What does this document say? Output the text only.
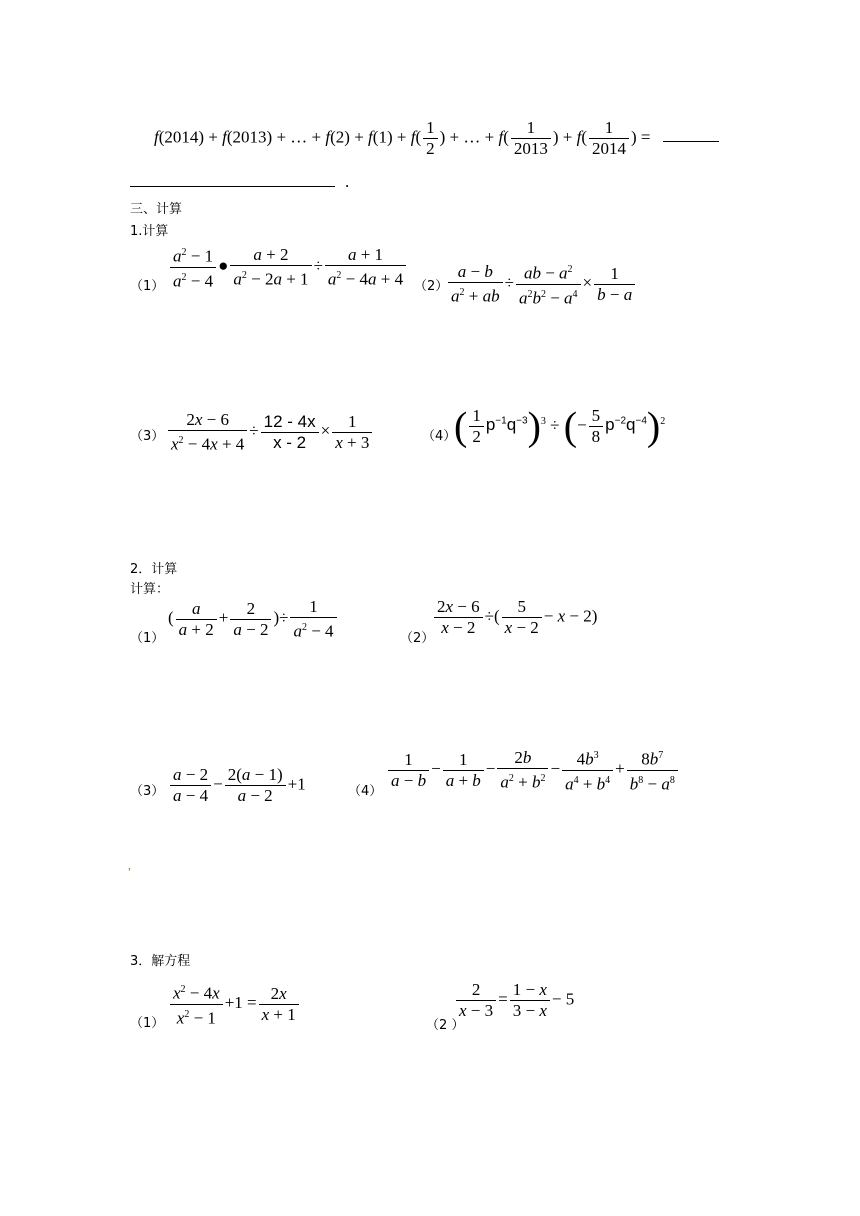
f(2014) + f(2013) + … + $f(2) + f(1) + f( \frac{1}{2}$ ) + … + $f( \frac{1}{2013}$ ) + $f( \frac{1}{2014}$ ) =
.
三、计算
1.计算
$(1) \frac{a^2 - 1}{a^2 - 4}$ ● $\frac{a + 2}{a^2 - 2a + 1} \div \frac{a + 1}{a^2 - 4a + 4} (2) \frac{a - b}{a^2 + ab} \div \frac{ab - a^2}{a^2b^2 - a^4} \times \frac{1}{b - a}$
$(3) \frac{2x - 6}{x^2 - 4x + 4} \div \frac{12 - 4x}{x - 2} \times \frac{1}{x + 3}$	（4）
( $\frac{1}{2} p^{-1}q^{-3})^3$ ÷ (− $\frac{5}{8} p^{-2}q^{-4})^2$
2．计算
计算：
（1）
( $\frac{a}{a + 2} + \frac{2}{a - 2}$ )÷ $\frac{1}{a^2 - 4}$	（2）
$\frac{2x - 6}{x - 2}$ ÷( $\frac{5}{x - 2} - x - 2$)
$(3) \frac{a - 2}{a - 4} - \frac{2(a - 1)}{a - 2} +1$	（4）
$\frac{1}{a - b} - \frac{1}{a + b} - \frac{2b}{a^2 + b^2} - \frac{4b^3}{a^4 + b^4} + \frac{8b^7}{b^8 - a^8}$
,
3．解方程
$(1) \frac{x^2 - 4x}{x^2 - 1} +1 = \frac{2x}{x + 1}$
（2 ）
$\frac{2}{x - 3} = \frac{1 - x}{3 - x} - 5$
